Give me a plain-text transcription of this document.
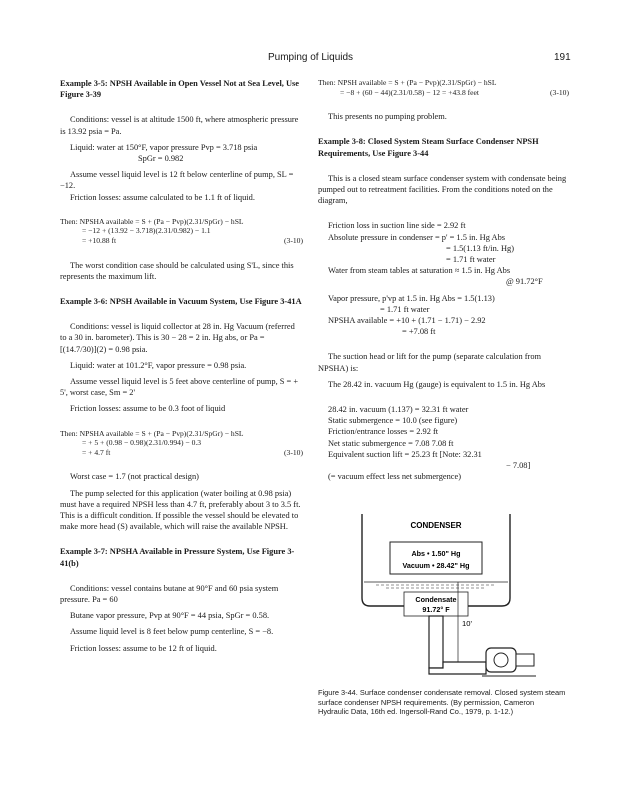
Pumping of Liquids	191

Example 3-5: NPSH Available in Open Vessel Not at Sea Level, Use Figure 3-39

Conditions: vessel is at altitude 1500 ft, where atmospheric pressure is 13.92 psia = Pa.

Liquid: water at 150°F, vapor pressure Pvp = 3.718 psia

SpGr = 0.982

Assume vessel liquid level is 12 ft below centerline of pump, SL = −12.

Friction losses: assume calculated to be 1.1 ft of liquid.

Then: NPSHA available = S + (Pa − Pvp)(2.31/SpGr) − hSL

= −12 + (13.92 − 3.718)(2.31/0.982) − 1.1

= +10.88 ft	(3-10)

The worst condition case should be calculated using S'L, since this represents the maximum lift.

Example 3-6: NPSH Available in Vacuum System, Use Figure 3-41A

Conditions: vessel is liquid collector at 28 in. Hg Vacuum (referred to a 30 in. barometer). This is 30 − 28 = 2 in. Hg abs, or Pa = [(14.7/30)](2) = 0.98 psia.

Liquid: water at 101.2°F, vapor pressure = 0.98 psia.

Assume vessel liquid level is 5 feet above centerline of pump, S = + 5', worst case, Sm = 2'

Friction losses: assume to be 0.3 foot of liquid

Then: NPSHA available = S + (Pa − Pvp)(2.31/SpGr) − hSL

= + 5 + (0.98 − 0.98)(2.31/0.994) − 0.3

= + 4.7 ft	(3-10)

Worst case = 1.7 (not practical design)

The pump selected for this application (water boiling at 0.98 psia) must have a required NPSH less than 4.7 ft, preferably about 3 to 3.5 ft. This is a difficult condition. If possible the vessel should be elevated to make more head (S) available, which will raise the available NPSH.

Example 3-7: NPSHA Available in Pressure System, Use Figure 3-41(b)

Conditions: vessel contains butane at 90°F and 60 psia system pressure. Pa = 60

Butane vapor pressure, Pvp at 90°F = 44 psia, SpGr = 0.58.

Assume liquid level is 8 feet below pump centerline, S = −8.

Friction losses: assume to be 12 ft of liquid.

Then: NPSH available = S + (Pa − Pvp)(2.31/SpGr) − hSL

= −8 + (60 − 44)(2.31/0.58) − 12 = +43.8 feet	(3-10)

This presents no pumping problem.

Example 3-8: Closed System Steam Surface Condenser NPSH Requirements, Use Figure 3-44

This is a closed steam surface condenser system with condensate being pumped out to retreatment facilities. From the conditions noted on the diagram,

Friction loss in suction line side = 2.92 ft

Absolute pressure in condenser = p' = 1.5 in. Hg Abs

= 1.5(1.13 ft/in. Hg)

= 1.71 ft water

Water from steam tables at saturation ≈ 1.5 in. Hg Abs

@ 91.72°F

Vapor pressure, p'vp at 1.5 in. Hg Abs = 1.5(1.13)

= 1.71 ft water

NPSHA available = +10 + (1.71 − 1.71) − 2.92

= +7.08 ft

The suction head or lift for the pump (separate calculation from NPSHA) is:

The 28.42 in. vacuum Hg (gauge) is equivalent to 1.5 in. Hg Abs

28.42 in. vacuum (1.137) = 32.31 ft water

Static submergence = 10.0 (see figure)

Friction/entrance losses = 2.92 ft

Net static submergence = 7.08 7.08 ft

Equivalent suction lift = 25.23 ft [Note: 32.31

− 7.08]

(= vacuum effect less net submergence)

CONDENSER
Abs • 1.50" Hg
Vacuum • 28.42" Hg
Condensate
91.72° F
10'
Figure 3-44. Surface condenser condensate removal. Closed system steam surface condenser NPSH requirements. (By permission, Cameron Hydraulic Data, 16th ed. Ingersoll-Rand Co., 1979, p. 1-12.)
